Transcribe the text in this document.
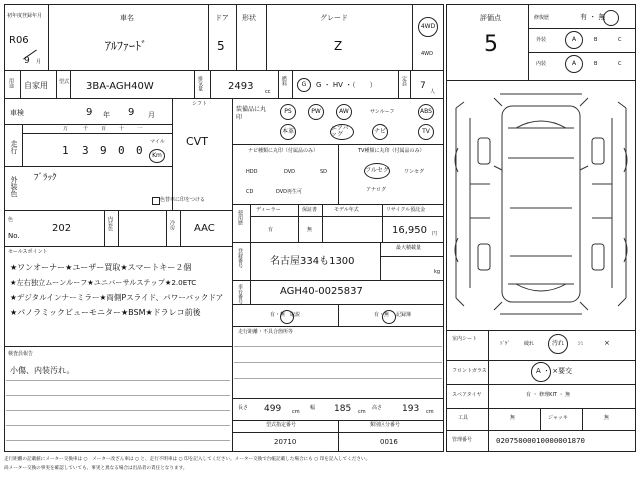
初年度登録年月
R06
9 月
車名
ｱﾙﾌｧｰﾄﾞ
ドア
5
形状	グレード
Z
4WD
4WD
用途 自家用 型式 3BA-AGH40W	排気量	2493 cc
燃料	G	G ・ HV ・（　　）	定員 7
人
車検	9 年 9 月
シフト
CVT
走行
万	千	百	十	一
1 3 9 0 0
マイル
Km
外装色 ﾌﾞﾗｯｸ
色替車に印をつける
色
No.
202	内装色	冷房 AAC
セールスポイント
★ワンオーナー★ユーザー買取★スマートキー２個
★左右独立ムーンルーフ★ユニバーサルステップ★2.0ETC
★デジタルインナーミラー★両側Pスライド、パワーバックドア
★パノラミックビューモニター★BSM★ドラレコ前後
検査員報告
小傷、内装汚れ。
装備品に丸印
PS	PW	AW	サンルーフ	ABS
本革	エアバッグ	ナビ	TV
ナビ種類に丸印（付属品のみ）
HDD	DVD	SD
CD	DVD再生可
TV種類に丸印（付属品のみ）
フルセグ	ワンセグ
アナログ
使用歴	ディーラー
有
保証書
無
モデル年式	リサイクル預託金
16,950 円
登録番号	名古屋334も1300
最大積載量
kg
車台番号	AGH40-0025837
有・無 取説	有・無 記録簿
走行距離・不具合箇所等
長さ 499 cm
幅 185 cm
高さ 193 cm
型式指定番号
20710
類別区分番号
0016
評価点
5
修復歴	有 ・ 無
外装	A	B	C
内装	A	B	C
室内シート
ﾄﾞｹﾞ	破れ	汚れ	ｼﾐ	×
フロントガラス	A ・ ×要交
スペアタイヤ	有 ・ 修理KIT ・ 無
工具	無	ジャッキ	無
管理番号	02075000010000001870
走行距離の記載値にメーター交換車は ○　メーター改ざん車は ○ と、走行不明車は ○ 印を記入してください。メーター交換で台帳記載した場合にも ○ 印を記入してください。
尚メーター交換の事実を確認していても、事実と異なる場合は出品者の責任となります。
